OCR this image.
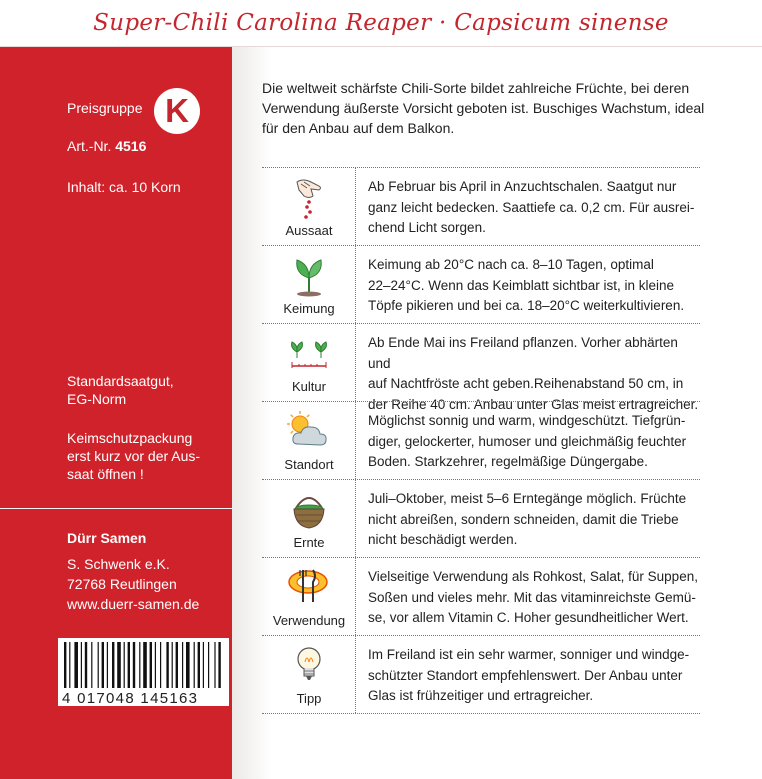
Super-Chili Carolina Reaper · Capsicum sinense
Preisgruppe K
Art.-Nr. 4516
Inhalt: ca. 10 Korn
Standardsaatgut,
EG-Norm
Keimschutzpackung
erst kurz vor der Aus-
saat öffnen !
Dürr Samen
S. Schwenk e.K.
72768 Reutlingen
www.duerr-samen.de
4 017048 145163
Die weltweit schärfste Chili-Sorte bildet zahlreiche Früchte, bei deren
Verwendung äußerste Vorsicht geboten ist. Buschiges Wachstum, ideal
für den Anbau auf dem Balkon.
Aussaat
Ab Februar bis April in Anzuchtschalen. Saatgut nur
ganz leicht bedecken. Saattiefe ca. 0,2 cm. Für ausrei-
chend Licht sorgen.
Keimung
Keimung ab 20°C nach ca. 8–10 Tagen, optimal
22–24°C. Wenn das Keimblatt sichtbar ist, in kleine
Töpfe pikieren und bei ca. 18–20°C weiterkultivieren.
Kultur
Ab Ende Mai ins Freiland pflanzen. Vorher abhärten und
auf Nachtfröste acht geben.Reihenabstand 50 cm, in
der Reihe 40 cm. Anbau unter Glas meist ertragreicher.
Standort
Möglichst sonnig und warm, windgeschützt. Tiefgrün-
diger, gelockerter, humoser und gleichmäßig feuchter
Boden. Starkzehrer, regelmäßige Düngergabe.
Ernte
Juli–Oktober, meist 5–6 Erntegänge möglich. Früchte
nicht abreißen, sondern schneiden, damit die Triebe
nicht beschädigt werden.
Verwendung
Vielseitige Verwendung als Rohkost, Salat, für Suppen,
Soßen und vieles mehr. Mit das vitaminreichste Gemü-
se, vor allem Vitamin C. Hoher gesundheitlicher Wert.
Tipp
Im Freiland ist ein sehr warmer, sonniger und windge-
schützter Standort empfehlenswert. Der Anbau unter
Glas ist frühzeitiger und ertragreicher.
